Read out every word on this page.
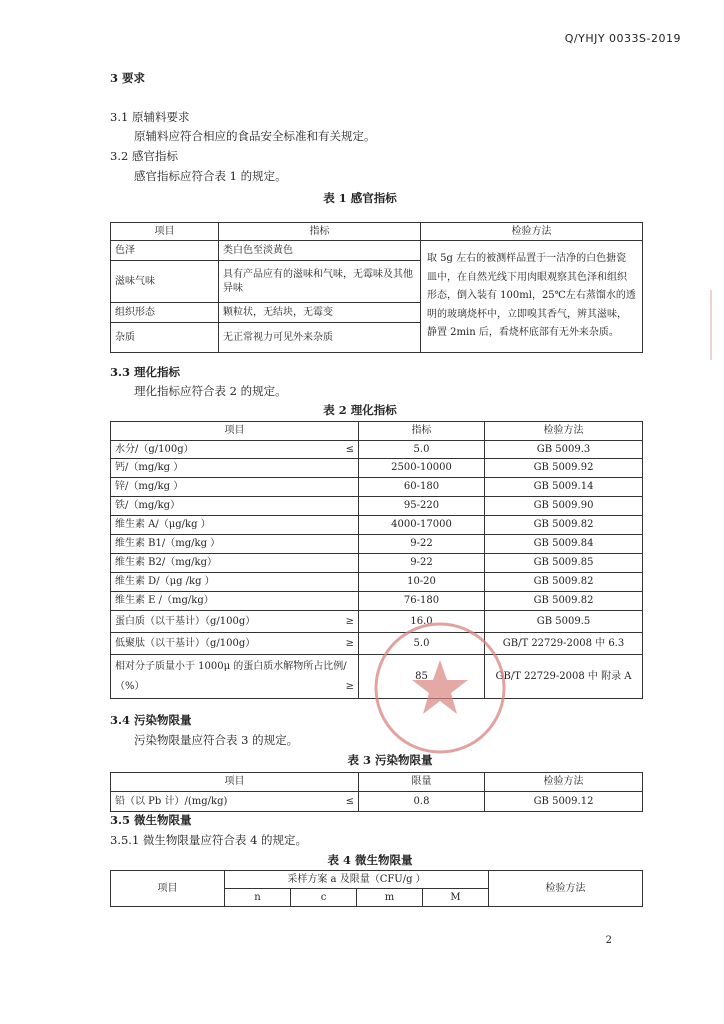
Q/YHJY 0033S-2019
3 要求
3.1 原辅料要求
原辅料应符合相应的食品安全标准和有关规定。
3.2 感官指标
感官指标应符合表 1 的规定。
表 1 感官指标
项目	指标	检验方法
色泽	类白色至淡黄色	取 5g 左右的被测样品置于一洁净的白色搪瓷皿中，在自然光线下用肉眼观察其色泽和组织形态，倒入装有 100ml，25℃左右蒸馏水的透明的玻璃烧杯中，立即嗅其香气，辨其滋味，静置 2min 后，看烧杯底部有无外来杂质。
滋味气味	具有产品应有的滋味和气味，无霉味及其他异味	
组织形态	颗粒状，无结块，无霉变	
杂质	无正常视力可见外来杂质	
3.3 理化指标
理化指标应符合表 2 的规定。
表 2 理化指标
项目	指标	检验方法
水分/（g/100g） ≤	5.0	GB 5009.3
钙/（mg/kg ）	2500-10000	GB 5009.92
锌/（mg/kg ）	60-180	GB 5009.14
铁/（mg/kg）	95-220	GB 5009.90
维生素 A/（μg/kg ）	4000-17000	GB 5009.82
维生素 B1/（mg/kg ）	9-22	GB 5009.84
维生素 B2/（mg/kg）	9-22	GB 5009.85
维生素 D/（μg /kg ）	10-20	GB 5009.82
维生素 E /（mg/kg）	76-180	GB 5009.82
蛋白质（以干基计）（g/100g） ≥	16.0	GB 5009.5
低聚肽（以干基计）（g/100g） ≥	5.0	GB/T 22729-2008 中 6.3
相对分子质量小于 1000μ 的蛋白质水解物所占比例/（%） ≥	85	GB/T 22729-2008 中 附录 A
3.4 污染物限量
污染物限量应符合表 3 的规定。
表 3 污染物限量
项目	限量	检验方法
铅（以 Pb 计）/(mg/kg) ≤	0.8	GB 5009.12
3.5 微生物限量
3.5.1 微生物限量应符合表 4 的规定。
表 4 微生物限量
项目	采样方案 a 及限量（CFU/g ）				检验方法
	n	c	m	M	
2
